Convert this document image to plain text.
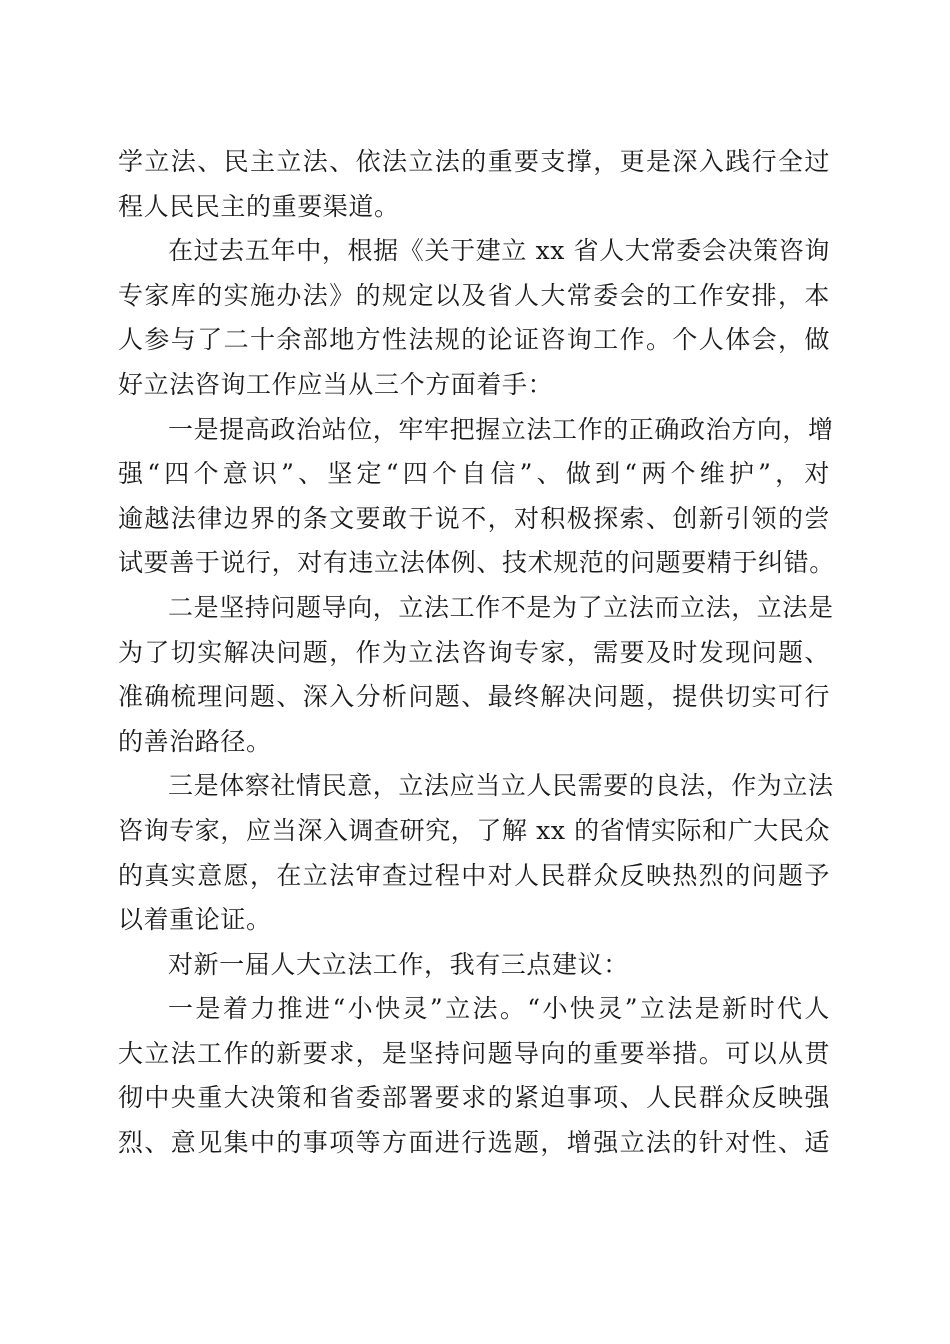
学立法、民主立法、依法立法的重要支撑，更是深入践行全过
程人民民主的重要渠道。
在过去五年中，根据《关于建立 xx 省人大常委会决策咨询
专家库的实施办法》的规定以及省人大常委会的工作安排，本
人参与了二十余部地方性法规的论证咨询工作。个人体会，做
好立法咨询工作应当从三个方面着手：
一是提高政治站位，牢牢把握立法工作的正确政治方向，增
强“四个意识”、坚定“四个自信”、做到“两个维护”，对
逾越法律边界的条文要敢于说不，对积极探索、创新引领的尝
试要善于说行，对有违立法体例、技术规范的问题要精于纠错。
二是坚持问题导向，立法工作不是为了立法而立法，立法是
为了切实解决问题，作为立法咨询专家，需要及时发现问题、
准确梳理问题、深入分析问题、最终解决问题，提供切实可行
的善治路径。
三是体察社情民意，立法应当立人民需要的良法，作为立法
咨询专家，应当深入调查研究，了解 xx 的省情实际和广大民众
的真实意愿，在立法审查过程中对人民群众反映热烈的问题予
以着重论证。
对新一届人大立法工作，我有三点建议：
一是着力推进“小快灵”立法。“小快灵”立法是新时代人
大立法工作的新要求，是坚持问题导向的重要举措。可以从贯
彻中央重大决策和省委部署要求的紧迫事项、人民群众反映强
烈、意见集中的事项等方面进行选题，增强立法的针对性、适
